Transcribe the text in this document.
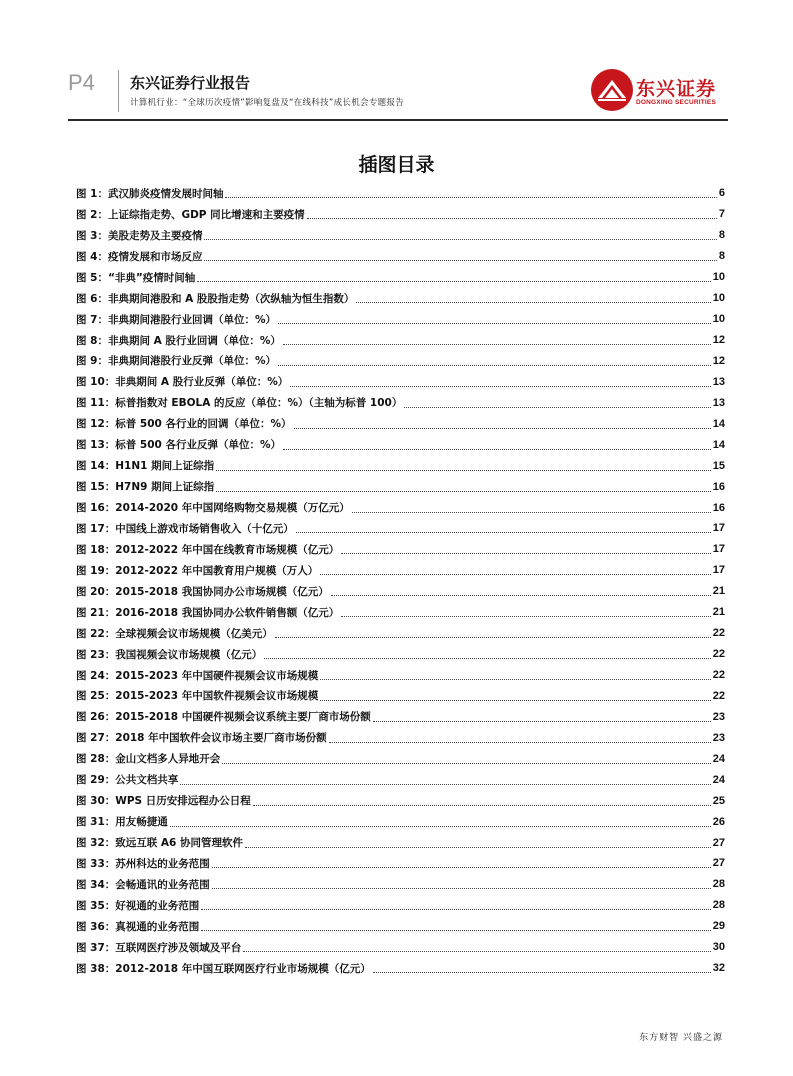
P4 东兴证券行业报告
计算机行业：“全球历次疫情”影响复盘及“在线科技”成长机会专题报告
东兴证券
DONGXING SECURITIES
插图目录
图 1：武汉肺炎疫情发展时间轴	6
图 2：上证综指走势、GDP 同比增速和主要疫情	7
图 3：美股走势及主要疫情	8
图 4：疫情发展和市场反应	8
图 5：“非典”疫情时间轴	10
图 6：非典期间港股和 A 股股指走势（次纵轴为恒生指数）	10
图 7：非典期间港股行业回调（单位：%）	10
图 8：非典期间 A 股行业回调（单位：%）	12
图 9：非典期间港股行业反弹（单位：%）	12
图 10：非典期间 A 股行业反弹（单位：%）	13
图 11：标普指数对 EBOLA 的反应（单位：%）（主轴为标普 100）	13
图 12：标普 500 各行业的回调（单位：%）	14
图 13：标普 500 各行业反弹（单位：%）	14
图 14：H1N1 期间上证综指	15
图 15：H7N9 期间上证综指	16
图 16：2014-2020 年中国网络购物交易规模（万亿元）	16
图 17：中国线上游戏市场销售收入（十亿元）	17
图 18：2012-2022 年中国在线教育市场规模（亿元）	17
图 19：2012-2022 年中国教育用户规模（万人）	17
图 20：2015-2018 我国协同办公市场规模（亿元）	21
图 21：2016-2018 我国协同办公软件销售额（亿元）	21
图 22：全球视频会议市场规模（亿美元）	22
图 23：我国视频会议市场规模（亿元）	22
图 24：2015-2023 年中国硬件视频会议市场规模	22
图 25：2015-2023 年中国软件视频会议市场规模	22
图 26：2015-2018 中国硬件视频会议系统主要厂商市场份额	23
图 27：2018 年中国软件会议市场主要厂商市场份额	23
图 28：金山文档多人异地开会	24
图 29：公共文档共享	24
图 30：WPS 日历安排远程办公日程	25
图 31：用友畅捷通	26
图 32：致远互联 A6 协同管理软件	27
图 33：苏州科达的业务范围	27
图 34：会畅通讯的业务范围	28
图 35：好视通的业务范围	28
图 36：真视通的业务范围	29
图 37：互联网医疗涉及领域及平台	30
图 38：2012-2018 年中国互联网医疗行业市场规模（亿元）	32
东方财智 兴盛之源
